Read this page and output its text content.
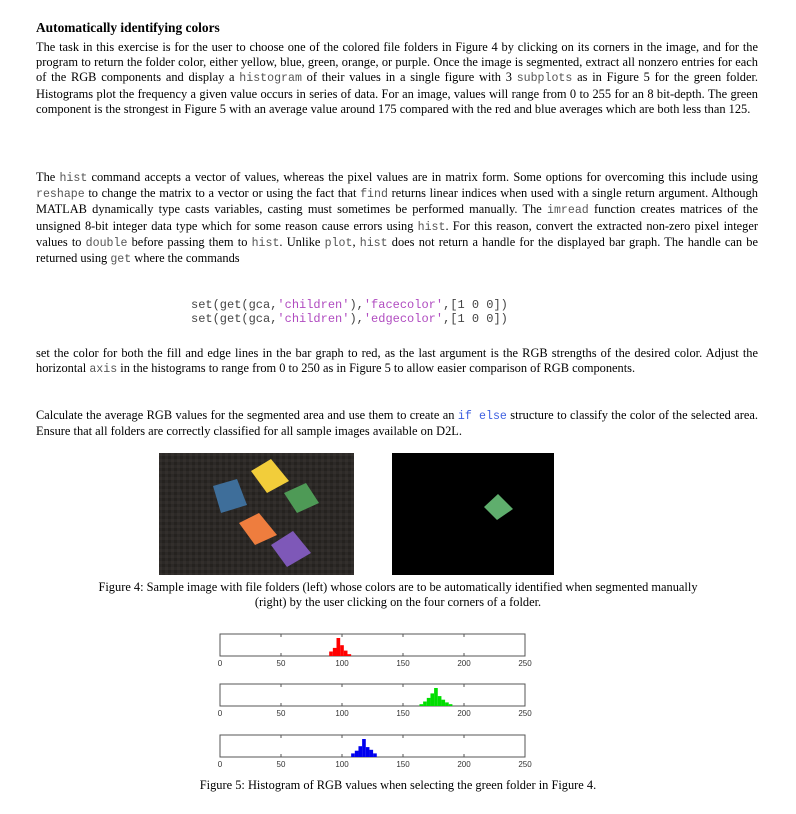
Automatically identifying colors

The task in this exercise is for the user to choose one of the colored file folders in Figure 4 by clicking on its corners in the image, and for the program to return the folder color, either yellow, blue, green, orange, or purple. Once the image is segmented, extract all nonzero entries for each of the RGB components and display a histogram of their values in a single figure with 3 subplots as in Figure 5 for the green folder. Histograms plot the frequency a given value occurs in series of data. For an image, values will range from 0 to 255 for an 8 bit-depth. The green component is the strongest in Figure 5 with an average value around 175 compared with the red and blue averages which are both less than 125.

The hist command accepts a vector of values, whereas the pixel values are in matrix form. Some options for overcoming this include using reshape to change the matrix to a vector or using the fact that find returns linear indices when used with a single return argument. Although MATLAB dynamically type casts variables, casting must sometimes be performed manually. The imread function creates matrices of the unsigned 8-bit integer data type which for some reason cause errors using hist. For this reason, convert the extracted non-zero pixel integer values to double before passing them to hist. Unlike plot, hist does not return a handle for the displayed bar graph. The handle can be returned using get where the commands

set(get(gca,'children'),'facecolor',[1 0 0])
set(get(gca,'children'),'edgecolor',[1 0 0])

set the color for both the fill and edge lines in the bar graph to red, as the last argument is the RGB strengths of the desired color. Adjust the horizontal axis in the histograms to range from 0 to 250 as in Figure 5 to allow easier comparison of RGB components.

Calculate the average RGB values for the segmented area and use them to create an if else structure to classify the color of the selected area. Ensure that all folders are correctly classified for all sample images available on D2L.

Figure 4: Sample image with file folders (left) whose colors are to be automatically identified when segmented manually
(right) by the user clicking on the four corners of a folder.

Figure 5: Histogram of RGB values when selecting the green folder in Figure 4.

0	50	100	150	200	250
0	50	100	150	200	250
0	50	100	150	200	250
